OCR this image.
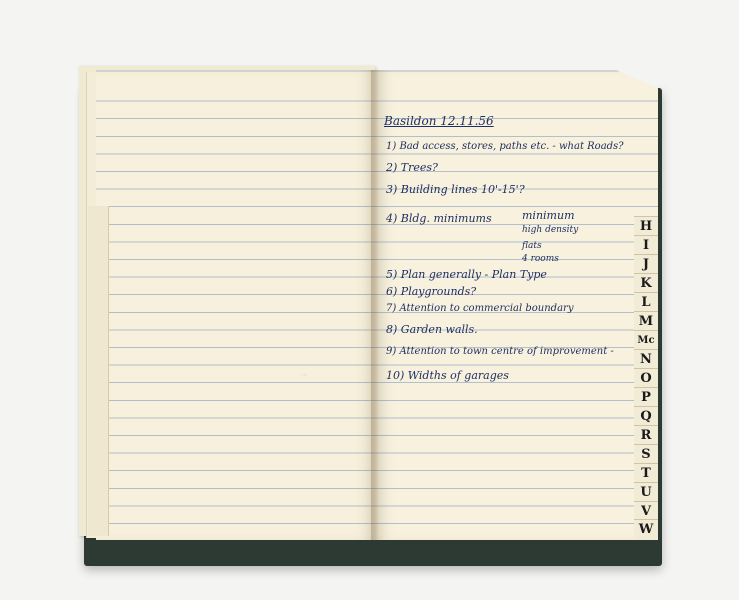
⋯
Basildon 12.11.56
1) Bad access, stores, paths etc. - what Roads?
2) Trees?
3) Building lines 10'-15'?
4) Bldg. minimums	minimum
high density
flats
4 rooms
5) Plan generally - Plan Type
6) Playgrounds?
7) Attention to commercial boundary
8) Garden walls.
9) Attention to town centre of improvement -
10) Widths of garages
H
I
J
K
L
M
Mc
N
O
P
Q
R
S
T
U
V
W
